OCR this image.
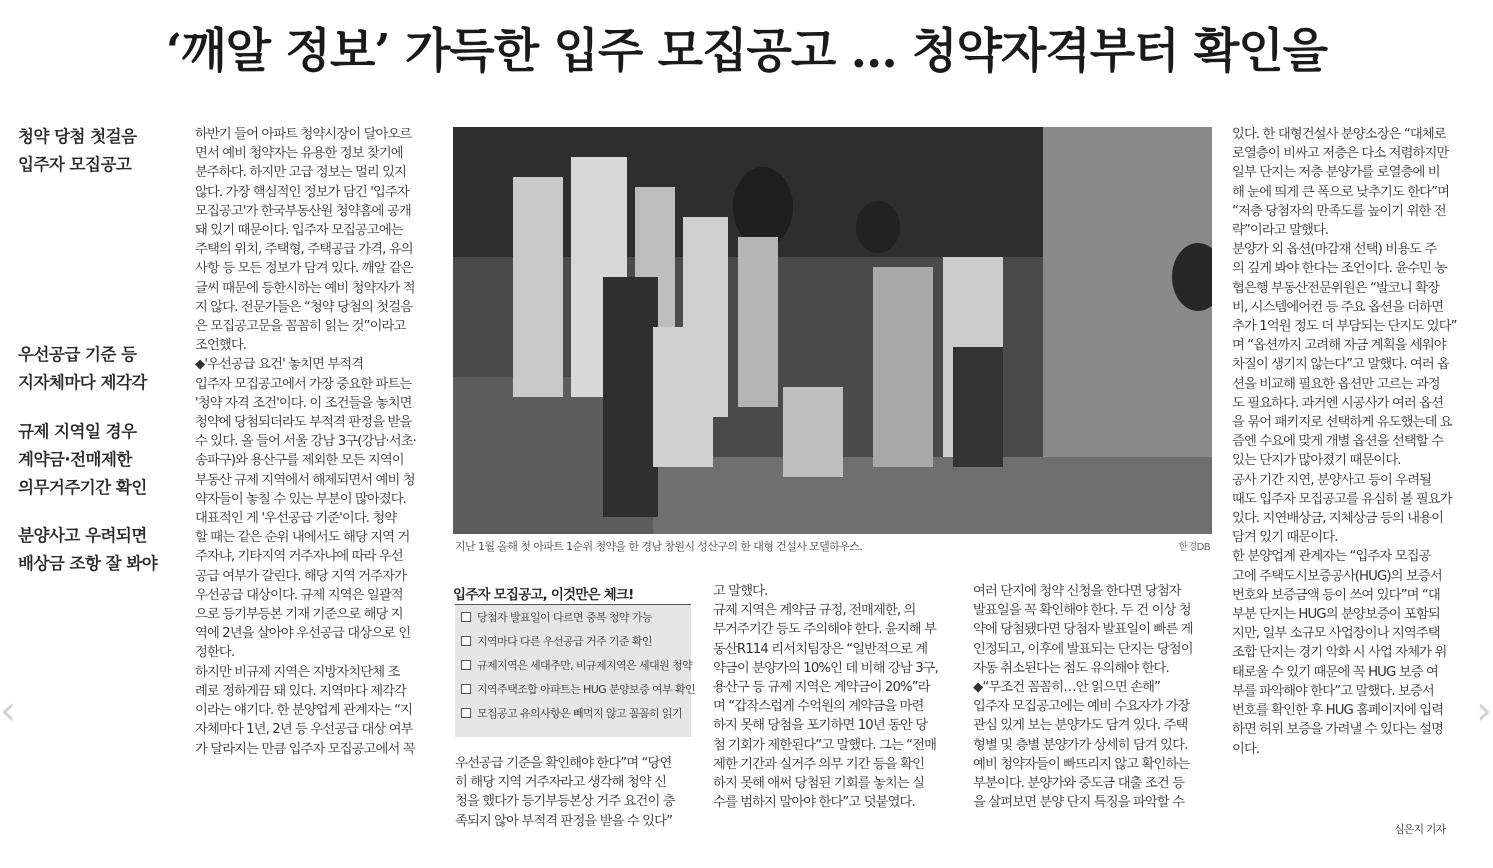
‘깨알 정보’ 가득한 입주 모집공고 ... 청약자격부터 확인을
청약 당첨 첫걸음
입주자 모집공고
우선공급 기준 등
지자체마다 제각각
규제 지역일 경우
계약금·전매제한
의무거주기간 확인
분양사고 우려되면
배상금 조항 잘 봐야
하반기 들어 아파트 청약시장이 달아오르
면서 예비 청약자는 유용한 정보 찾기에
분주하다. 하지만 고급 정보는 멀리 있지
않다. 가장 핵심적인 정보가 담긴 '입주자
모집공고'가 한국부동산원 청약홈에 공개
돼 있기 때문이다. 입주자 모집공고에는
주택의 위치, 주택형, 주택공급 가격, 유의
사항 등 모든 정보가 담겨 있다. 깨알 같은
글씨 때문에 등한시하는 예비 청약자가 적
지 않다. 전문가들은 “청약 당첨의 첫걸음
은 모집공고문을 꼼꼼히 읽는 것”이라고
조언했다.
◆'우선공급 요건' 놓치면 부적격
입주자 모집공고에서 가장 중요한 파트는
'청약 자격 조건'이다. 이 조건들을 놓치면
청약에 당첨되더라도 부적격 판정을 받을
수 있다. 올 들어 서울 강남 3구(강남·서초·
송파구)와 용산구를 제외한 모든 지역이
부동산 규제 지역에서 해제되면서 예비 청
약자들이 놓칠 수 있는 부분이 많아졌다.
대표적인 게 '우선공급 기준'이다. 청약
할 때는 같은 순위 내에서도 해당 지역 거
주자냐, 기타지역 거주자냐에 따라 우선
공급 여부가 갈린다. 해당 지역 거주자가
우선공급 대상이다. 규제 지역은 일괄적
으로 등기부등본 기재 기준으로 해당 지
역에 2년을 살아야 우선공급 대상으로 인
정한다.
하지만 비규제 지역은 지방자치단체 조
례로 정하게끔 돼 있다. 지역마다 제각각
이라는 얘기다. 한 분양업계 관계자는 “지
자체마다 1년, 2년 등 우선공급 대상 여부
가 달라지는 만큼 입주자 모집공고에서 꼭
지난 1월 올해 첫 아파트 1순위 청약을 한 경남 창원시 성산구의 한 대형 건설사 모델하우스.	한경DB
입주자 모집공고, 이것만은 체크!
당첨자 발표일이 다르면 중복 청약 가능
지역마다 다른 우선공급 거주 기준 확인
규제지역은 세대주만, 비규제지역은 세대원 청약
지역주택조합 아파트는 HUG 분양보증 여부 확인
모집공고 유의사항은 빼먹지 않고 꼼꼼히 읽기
우선공급 기준을 확인해야 한다”며 “당연
히 해당 지역 거주자라고 생각해 청약 신
청을 했다가 등기부등본상 거주 요건이 충
족되지 않아 부적격 판정을 받을 수 있다”
고 말했다.
규제 지역은 계약금 규정, 전매제한, 의
무거주기간 등도 주의해야 한다. 윤지해 부
동산R114 리서치팀장은 “일반적으로 계
약금이 분양가의 10%인 데 비해 강남 3구,
용산구 등 규제 지역은 계약금이 20%”라
며 “갑작스럽게 수억원의 계약금을 마련
하지 못해 당첨을 포기하면 10년 동안 당
첨 기회가 제한된다”고 말했다. 그는 “전매
제한 기간과 실거주 의무 기간 등을 확인
하지 못해 애써 당첨된 기회를 놓치는 실
수를 범하지 말아야 한다”고 덧붙였다.
여러 단지에 청약 신청을 한다면 당첨자
발표일을 꼭 확인해야 한다. 두 건 이상 청
약에 당첨됐다면 당첨자 발표일이 빠른 게
인정되고, 이후에 발표되는 단지는 당첨이
자동 취소된다는 점도 유의해야 한다.
◆“무조건 꼼꼼히…안 읽으면 손해”
입주자 모집공고에는 예비 수요자가 가장
관심 있게 보는 분양가도 담겨 있다. 주택
형별 및 층별 분양가가 상세히 담겨 있다.
예비 청약자들이 빠뜨리지 않고 확인하는
부분이다. 분양가와 중도금 대출 조건 등
을 살펴보면 분양 단지 특징을 파악할 수
있다. 한 대형건설사 분양소장은 “대체로
로열층이 비싸고 저층은 다소 저렴하지만
일부 단지는 저층 분양가를 로열층에 비
해 눈에 띄게 큰 폭으로 낮추기도 한다”며
“저층 당첨자의 만족도를 높이기 위한 전
략”이라고 말했다.
분양가 외 옵션(마감재 선택) 비용도 주
의 깊게 봐야 한다는 조언이다. 윤수민 농
협은행 부동산전문위원은 “발코니 확장
비, 시스템에어컨 등 주요 옵션을 더하면
추가 1억원 정도 더 부담되는 단지도 있다”
며 “옵션까지 고려해 자금 계획을 세워야
차질이 생기지 않는다”고 말했다. 여러 옵
션을 비교해 필요한 옵션만 고르는 과정
도 필요하다. 과거엔 시공사가 여러 옵션
을 묶어 패키지로 선택하게 유도했는데 요
즘엔 수요에 맞게 개별 옵션을 선택할 수
있는 단지가 많아졌기 때문이다.
공사 기간 지연, 분양사고 등이 우려될
때도 입주자 모집공고를 유심히 볼 필요가
있다. 지연배상금, 지체상금 등의 내용이
담겨 있기 때문이다.
한 분양업계 관계자는 “입주자 모집공
고에 주택도시보증공사(HUG)의 보증서
번호와 보증금액 등이 쓰여 있다”며 “대
부분 단지는 HUG의 분양보증이 포함되
지만, 일부 소규모 사업장이나 지역주택
조합 단지는 경기 악화 시 사업 자체가 위
태로울 수 있기 때문에 꼭 HUG 보증 여
부를 파악해야 한다”고 말했다. 보증서
번호를 확인한 후 HUG 홈페이지에 입력
하면 허위 보증을 가려낼 수 있다는 설명
이다.
심은지 기자
‹	›
